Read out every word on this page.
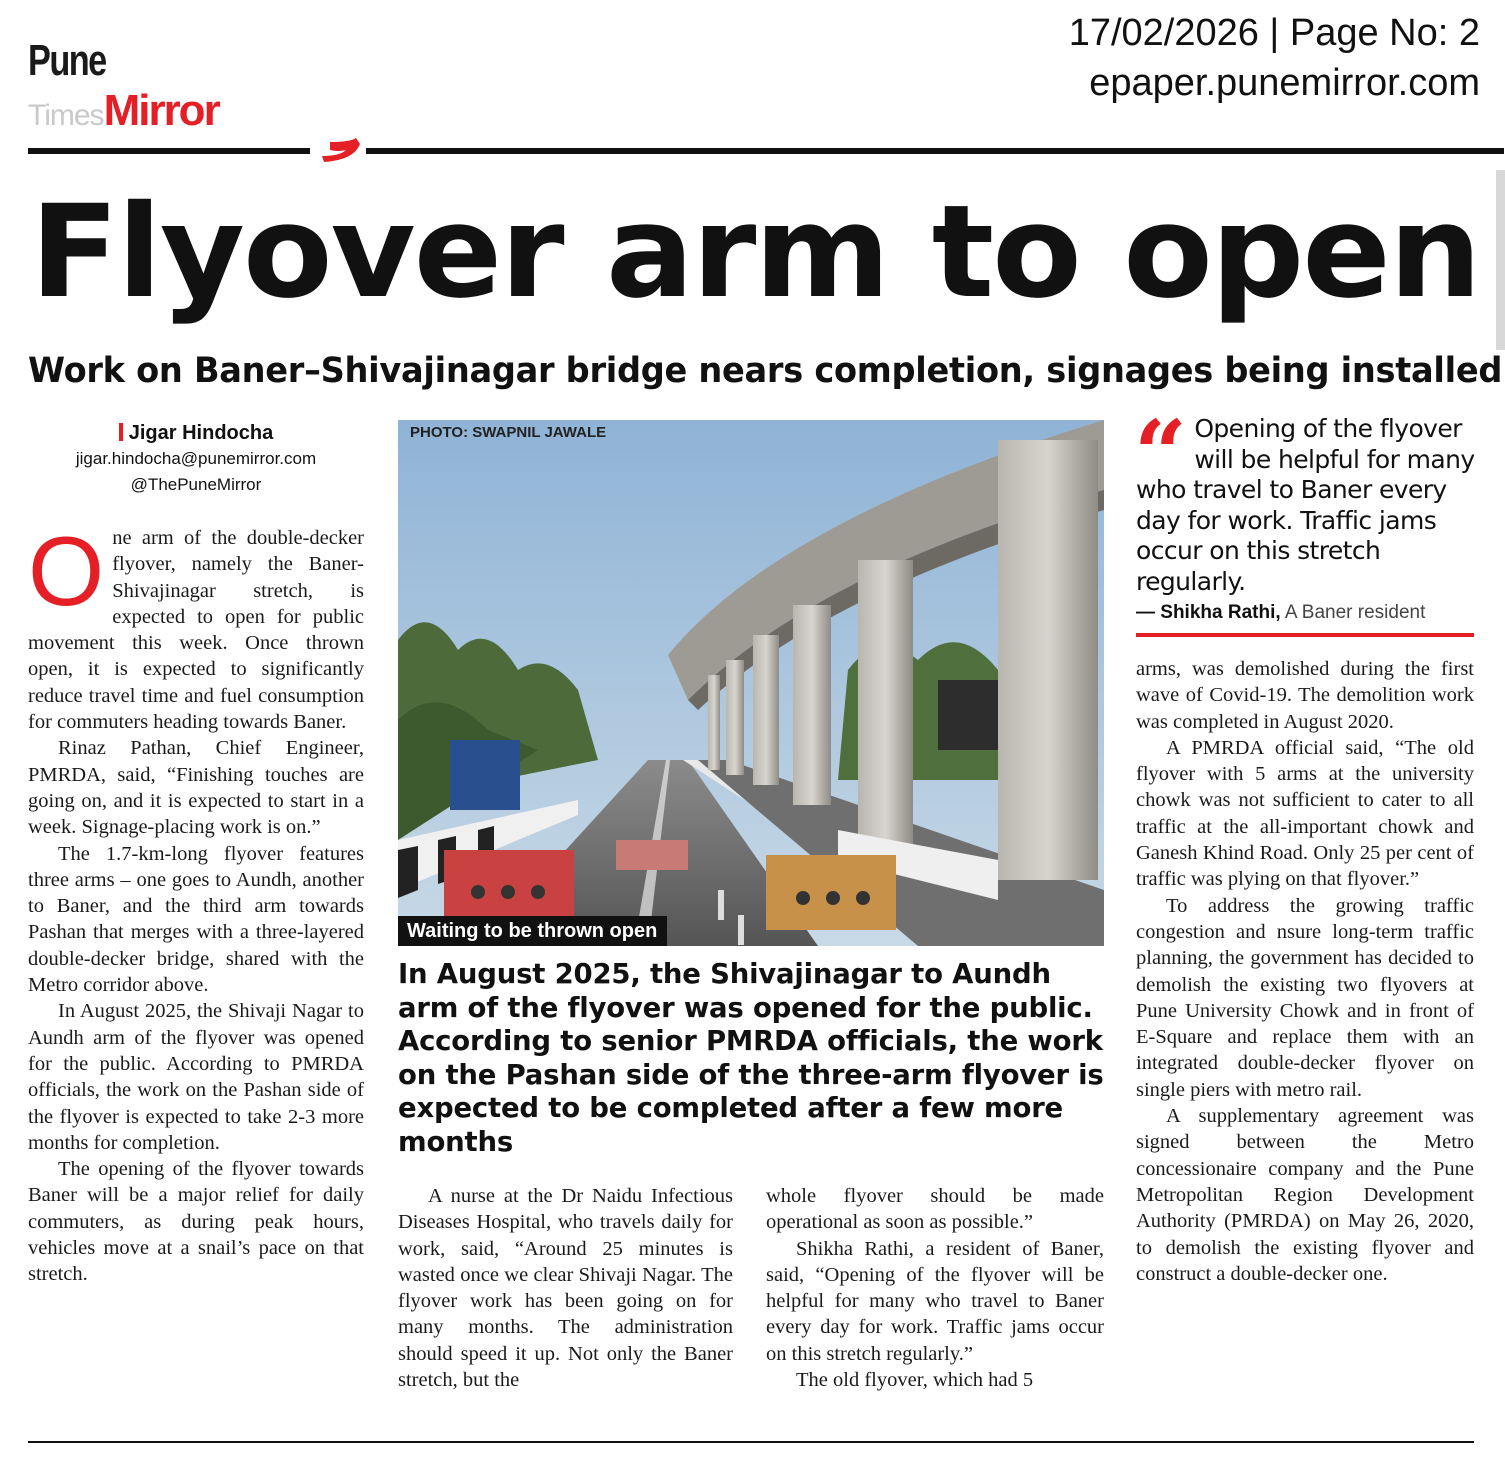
PuneTimesMirror
17/02/2026 | Page No: 2
epaper.punemirror.com
Flyover arm to open
Work on Baner–Shivajinagar bridge nears completion, signages being installed
Jigar Hindocha
jigar.hindocha@punemirror.com
@ThePuneMirror

One arm of the double-decker flyover, namely the Baner-Shivajinagar stretch, is expected to open for public movement this week. Once thrown open, it is expected to significantly reduce travel time and fuel consumption for commuters heading towards Baner.

Rinaz Pathan, Chief Engineer, PMRDA, said, “Finishing touches are going on, and it is expected to start in a week. Signage-placing work is on.”

The 1.7-km-long flyover features three arms – one goes to Aundh, another to Baner, and the third arm towards Pashan that merges with a three-layered double-decker bridge, shared with the Metro corridor above.

In August 2025, the Shivaji Nagar to Aundh arm of the flyover was opened for the public. According to PMRDA officials, the work on the Pashan side of the flyover is expected to take 2-3 more months for completion.

The opening of the flyover towards Baner will be a major relief for daily commuters, as during peak hours, vehicles move at a snail’s pace on that stretch.

PHOTO: SWAPNIL JAWALE
Waiting to be thrown open
In August 2025, the Shivajinagar to Aundh arm of the flyover was opened for the public. According to senior PMRDA officials, the work on the Pashan side of the three-arm flyover is expected to be completed after a few more months

A nurse at the Dr Naidu Infectious Diseases Hospital, who travels daily for work, said, “Around 25 minutes is wasted once we clear Shivaji Nagar. The flyover work has been going on for many months. The administration should speed it up. Not only the Baner stretch, but the

whole flyover should be made operational as soon as possible.”

Shikha Rathi, a resident of Baner, said, “Opening of the flyover will be helpful for many who travel to Baner every day for work. Traffic jams occur on this stretch regularly.”

The old flyover, which had 5

“ Opening of the flyover will be helpful for many who travel to Baner every day for work. Traffic jams occur on this stretch regularly.
— Shikha Rathi, A Baner resident

arms, was demolished during the first wave of Covid-19. The demolition work was completed in August 2020.

A PMRDA official said, “The old flyover with 5 arms at the university chowk was not sufficient to cater to all traffic at the all-important chowk and Ganesh Khind Road. Only 25 per cent of traffic was plying on that flyover.”

To address the growing traffic congestion and nsure long-term traffic planning, the government has decided to demolish the existing two flyovers at Pune University Chowk and in front of E-Square and replace them with an integrated double-decker flyover on single piers with metro rail.

A supplementary agreement was signed between the Metro concessionaire company and the Pune Metropolitan Region Development Authority (PMRDA) on May 26, 2020, to demolish the existing flyover and construct a double-decker one.
